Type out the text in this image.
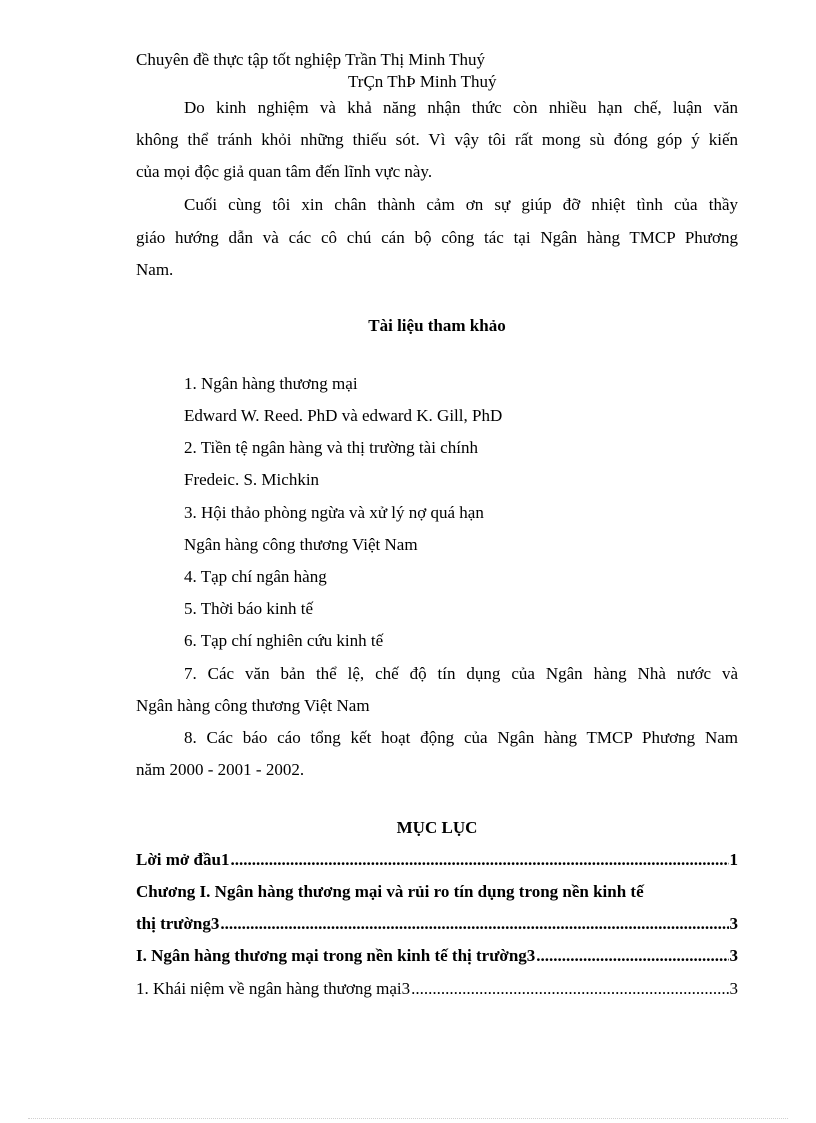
Chuyên đề thực tập tốt nghiệp Trần Thị Minh Thuý
TrÇn ThÞ Minh Thuý
Do kinh nghiệm và khả năng nhận thức còn nhiều hạn chế, luận văn
không thể tránh khỏi những thiếu sót. Vì vậy tôi rất mong sù đóng góp ý kiến
của mọi độc giả quan tâm đến lĩnh vực này.
Cuối cùng tôi xin chân thành cảm ơn sự giúp đỡ nhiệt tình của thầy
giáo hướng dẫn và các cô chú cán bộ công tác tại Ngân hàng TMCP Phương
Nam.
Tài liệu tham khảo
1. Ngân hàng thương mại
Edward W. Reed. PhD và edward K. Gill, PhD
2. Tiền tệ ngân hàng và thị trường tài chính
Fredeic. S. Michkin
3. Hội thảo phòng ngừa và xử lý nợ quá hạn
Ngân hàng công thương Việt Nam
4. Tạp chí ngân hàng
5. Thời báo kinh tế
6. Tạp chí nghiên cứu kinh tế
7. Các văn bản thể lệ, chế độ tín dụng của Ngân hàng Nhà nước và
Ngân hàng công thương Việt Nam
8. Các báo cáo tổng kết hoạt động của Ngân hàng TMCP Phương Nam
năm 2000 - 2001 - 2002.
MỤC LỤC
Lời mở đầu1 .....	1
Chương I. Ngân hàng thương mại và rủi ro tín dụng trong nền kinh tế
thị trường3 .....	3
I. Ngân hàng thương mại trong nền kinh tế thị trường3 .....	3
1. Khái niệm về ngân hàng thương mại3 .....	3
